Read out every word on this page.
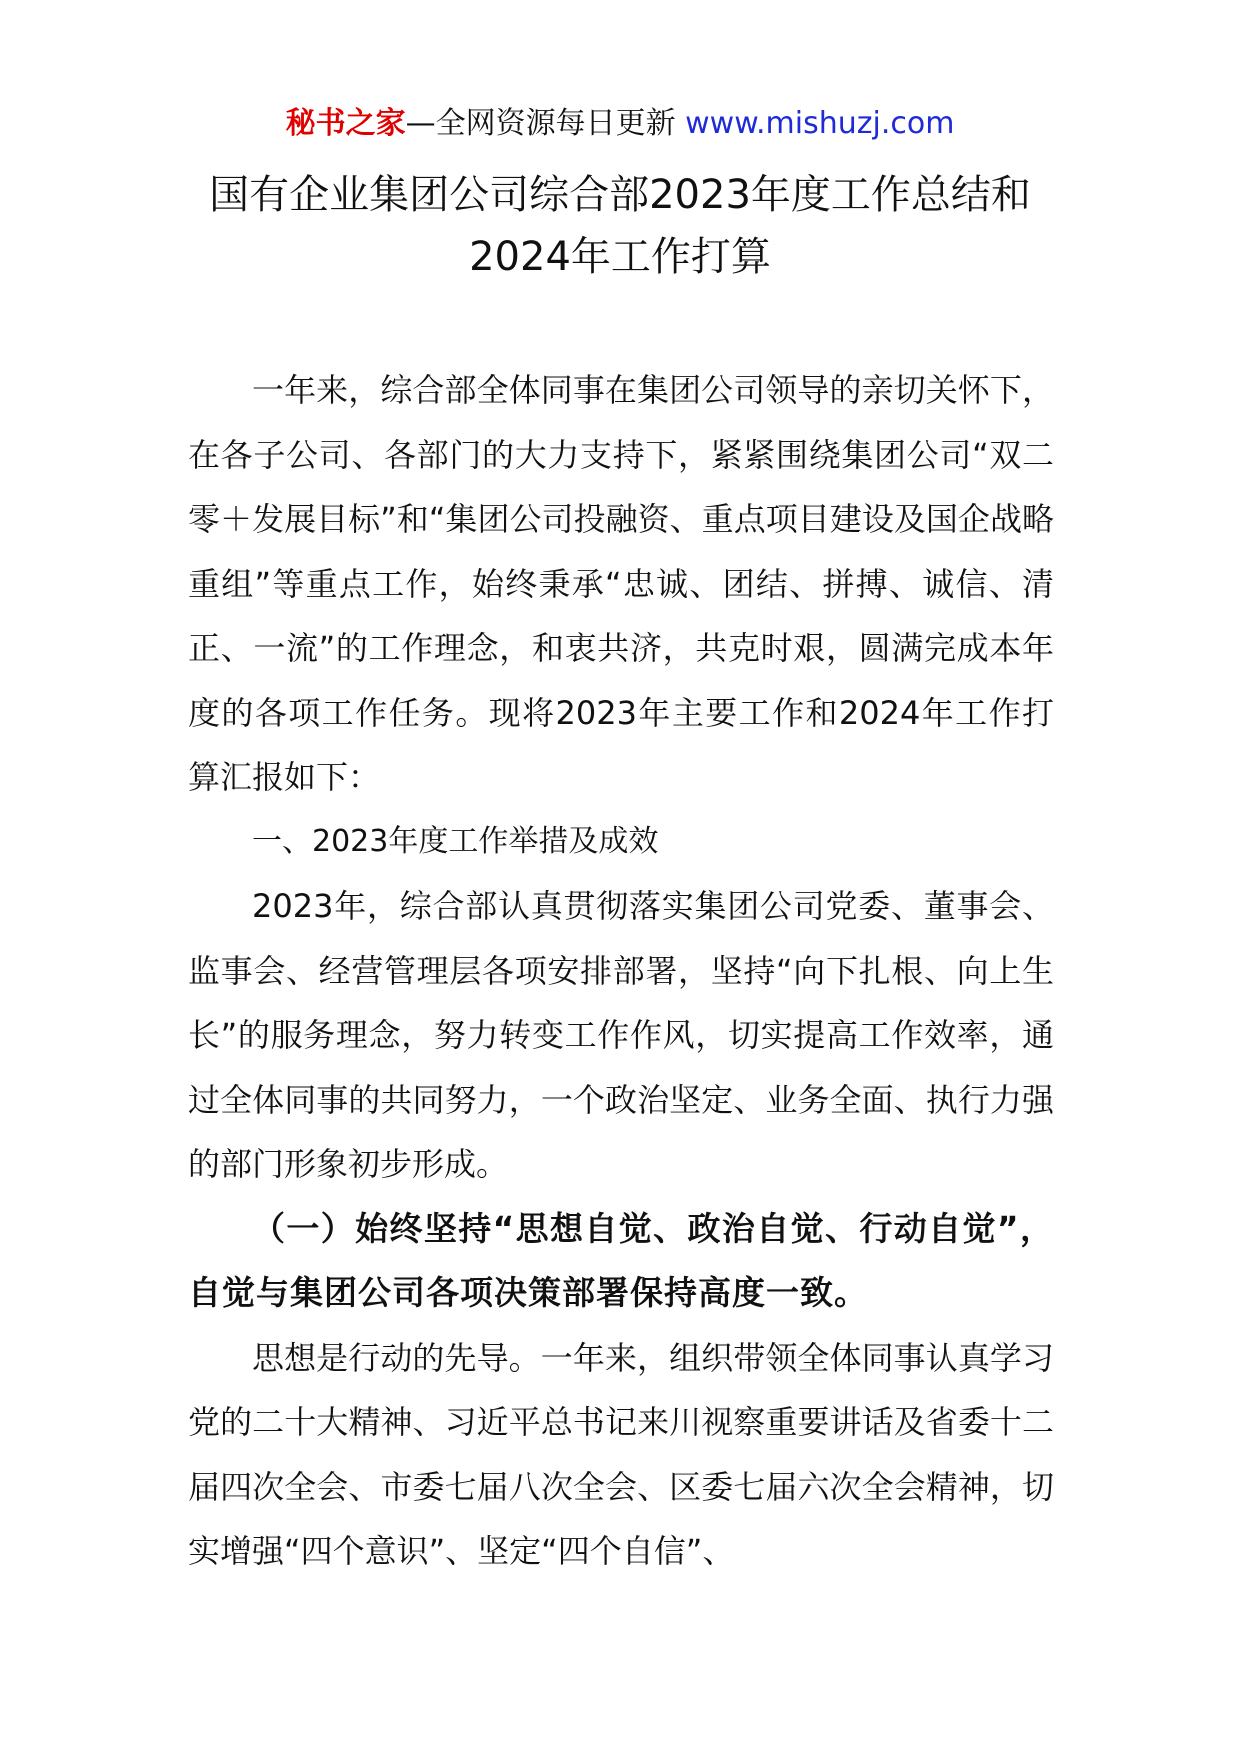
秘书之家—全网资源每日更新 www.mishuzj.com
国有企业集团公司综合部2023年度工作总结和
2024年工作打算

一年来，综合部全体同事在集团公司领导的亲切关怀下，在各子公司、各部门的大力支持下，紧紧围绕集团公司“双二零＋发展目标”和“集团公司投融资、重点项目建设及国企战略重组”等重点工作，始终秉承“忠诚、团结、拼搏、诚信、清正、一流”的工作理念，和衷共济，共克时艰，圆满完成本年度的各项工作任务。现将2023年主要工作和2024年工作打算汇报如下：

一、2023年度工作举措及成效

2023年，综合部认真贯彻落实集团公司党委、董事会、监事会、经营管理层各项安排部署，坚持“向下扎根、向上生长”的服务理念，努力转变工作作风，切实提高工作效率，通过全体同事的共同努力，一个政治坚定、业务全面、执行力强的部门形象初步形成。

（一）始终坚持“思想自觉、政治自觉、行动自觉”，自觉与集团公司各项决策部署保持高度一致。

思想是行动的先导。一年来，组织带领全体同事认真学习党的二十大精神、习近平总书记来川视察重要讲话及省委十二届四次全会、市委七届八次全会、区委七届六次全会精神，切实增强“四个意识”、坚定“四个自信”、
